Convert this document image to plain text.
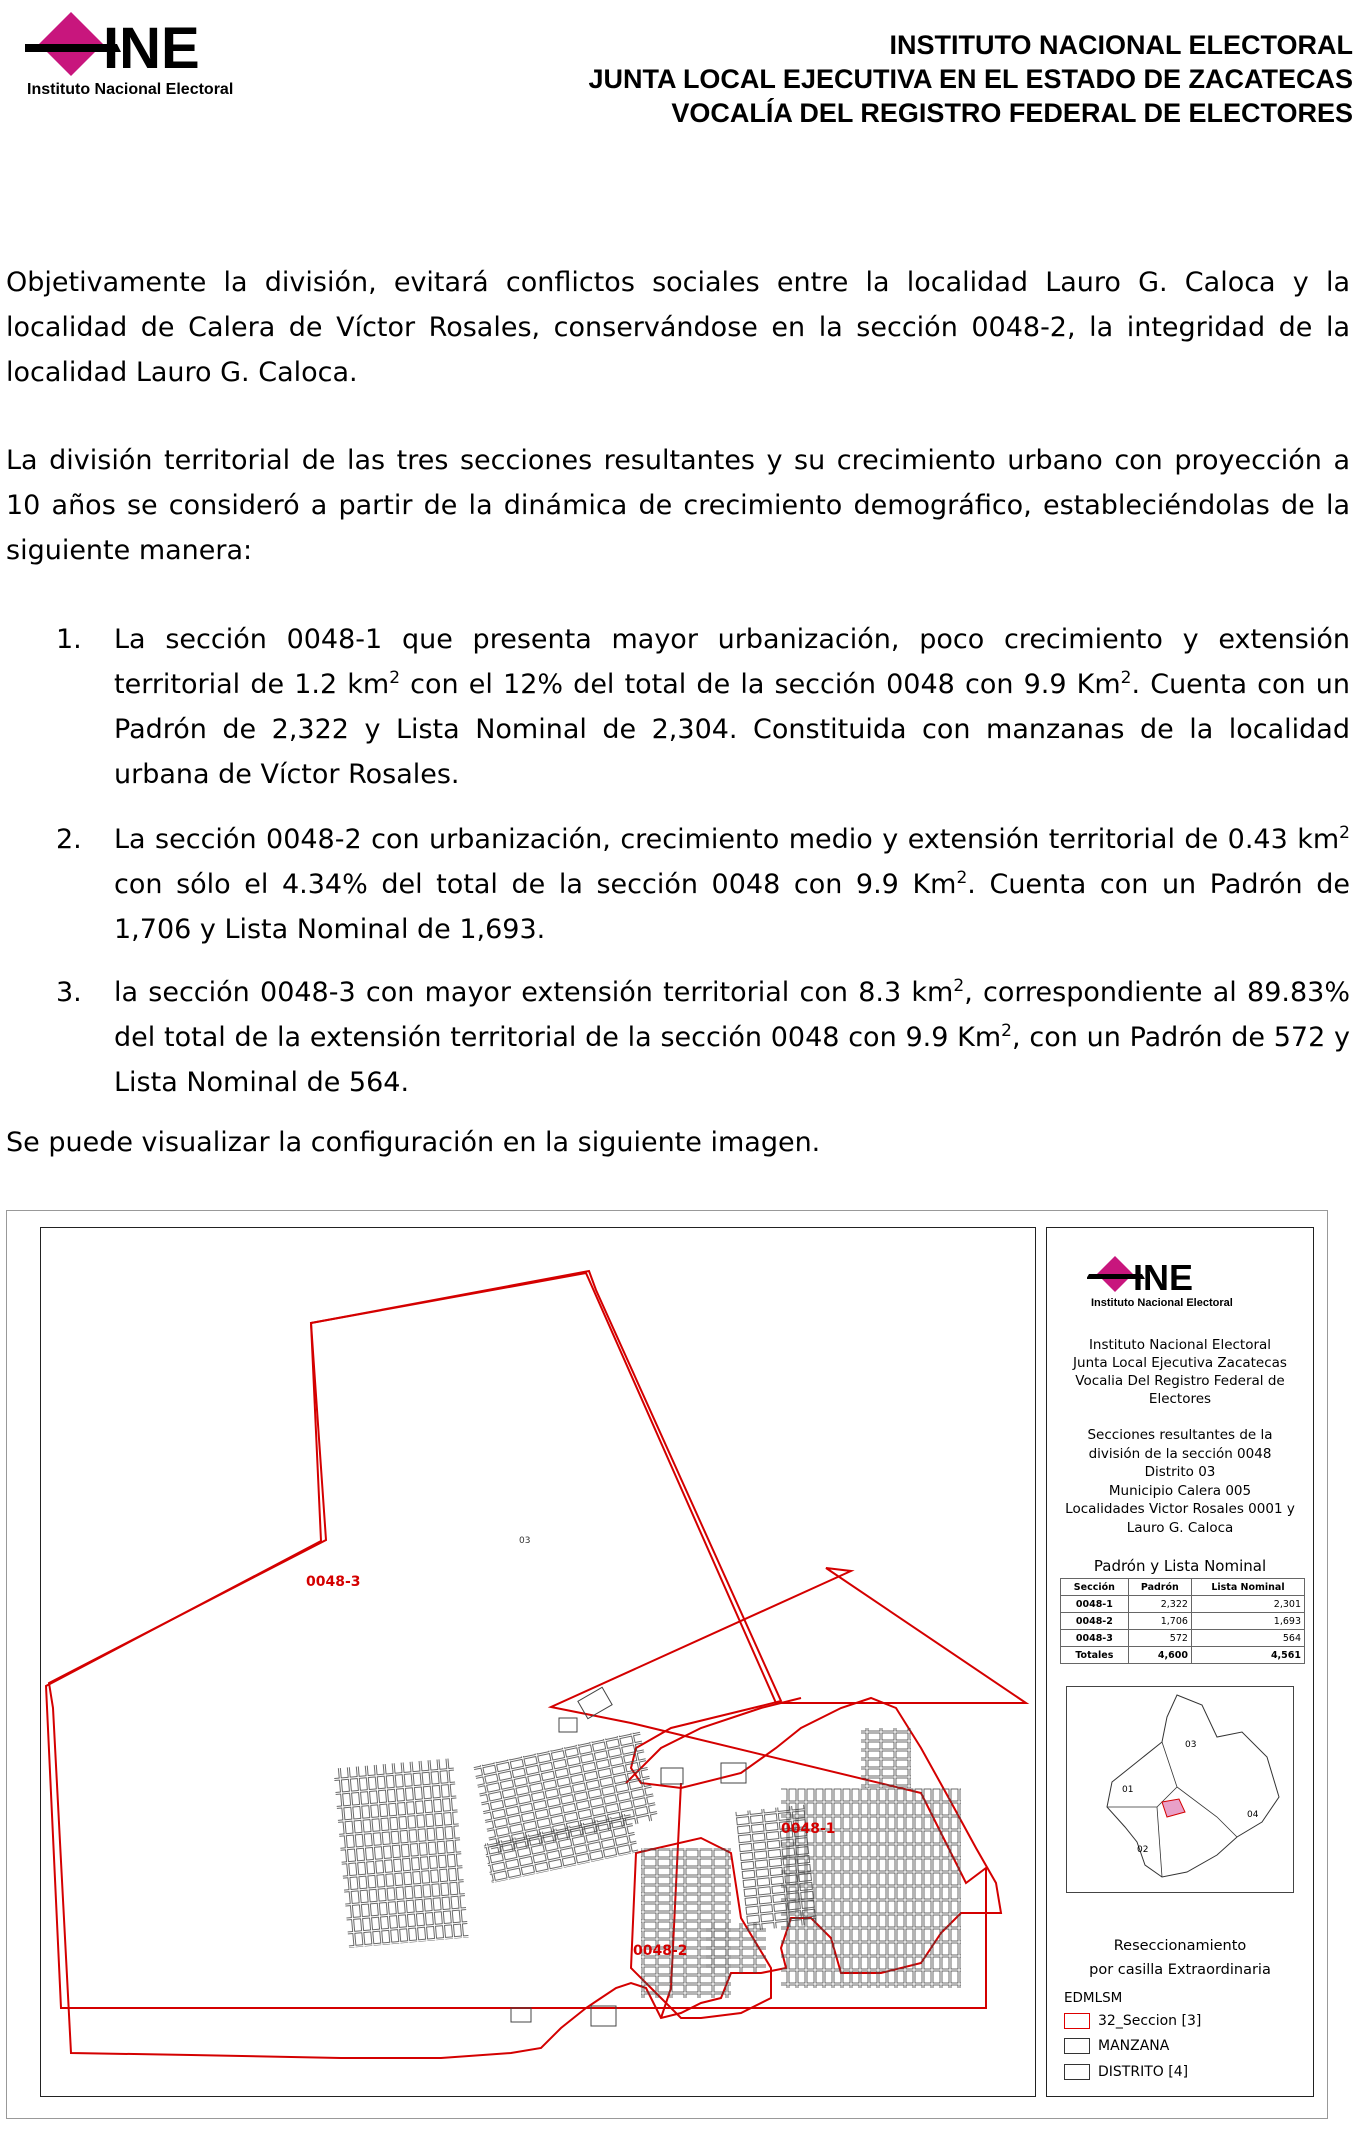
INE
Instituto Nacional Electoral
INSTITUTO NACIONAL ELECTORAL
JUNTA LOCAL EJECUTIVA EN EL ESTADO DE ZACATECAS
VOCALÍA DEL REGISTRO FEDERAL DE ELECTORES

Objetivamente la división, evitará conflictos sociales entre la localidad Lauro G. Caloca y la localidad de Calera de Víctor Rosales, conservándose en la sección 0048-2, la integridad de la localidad Lauro G. Caloca.

La división territorial de las tres secciones resultantes y su crecimiento urbano con proyección a 10 años se consideró a partir de la dinámica de crecimiento demográfico, estableciéndolas de la siguiente manera:

1. La sección 0048-1 que presenta mayor urbanización, poco crecimiento y extensión territorial de 1.2 $km^2$ con el 12% del total de la sección 0048 con 9.9 Km$^2$. Cuenta con un Padrón de 2,322 y Lista Nominal de 2,304. Constituida con manzanas de la localidad urbana de Víctor Rosales.
2. La sección 0048-2 con urbanización, crecimiento medio y extensión territorial de 0.43 $km^2$ con sólo el 4.34% del total de la sección 0048 con 9.9 Km$^2$. Cuenta con un Padrón de 1,706 y Lista Nominal de 1,693.
3. la sección 0048-3 con mayor extensión territorial con 8.3 $km^2$, correspondiente al 89.83% del total de la extensión territorial de la sección 0048 con 9.9 Km$^2$, con un Padrón de 572 y Lista Nominal de 564.

Se puede visualizar la configuración en la siguiente imagen.

0048-3
0048-1
0048-2
03
INE
Instituto Nacional Electoral
Instituto Nacional Electoral
Junta Local Ejecutiva Zacatecas
Vocalia Del Registro Federal de
Electores
Secciones resultantes de la
división de la sección 0048
Distrito 03
Municipio Calera 005
Localidades Victor Rosales 0001 y
Lauro G. Caloca
Padrón y Lista Nominal
Sección	Padrón	Lista Nominal
0048-1	2,322	2,301
0048-2	1,706	1,693
0048-3	572	564
Totales	4,600	4,561
03
01
04
02
Reseccionamiento
por casilla Extraordinaria
EDMLSM
32_Seccion [3]
MANZANA
DISTRITO [4]
